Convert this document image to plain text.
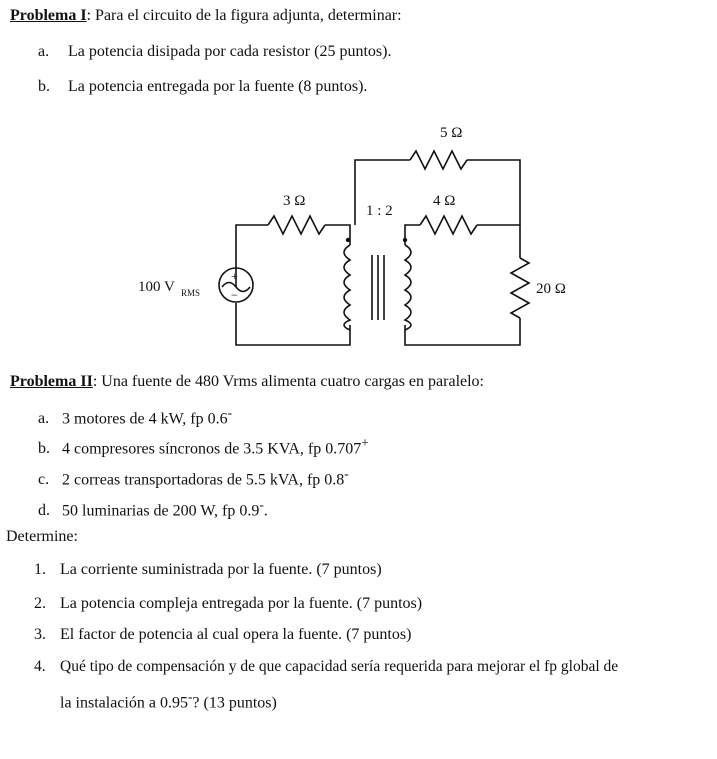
Problema I: Para el circuito de la figura adjunta, determinar:
a. La potencia disipada por cada resistor (25 puntos).
b. La potencia entregada por la fuente (8 puntos).
5 Ω
3 Ω
1 : 2
4 Ω
20 Ω
100 V RMS
+
−
Problema II: Una fuente de 480 Vrms alimenta cuatro cargas en paralelo:
a. 3 motores de 4 kW, fp 0.6-
b. 4 compresores síncronos de 3.5 KVA, fp 0.707+
c. 2 correas transportadoras de 5.5 kVA, fp 0.8-
d. 50 luminarias de 200 W, fp 0.9-.
Determine:
1. La corriente suministrada por la fuente. (7 puntos)
2. La potencia compleja entregada por la fuente. (7 puntos)
3. El factor de potencia al cual opera la fuente. (7 puntos)
4. Qué tipo de compensación y de que capacidad sería requerida para mejorar el fp global de
la instalación a 0.95-? (13 puntos)
